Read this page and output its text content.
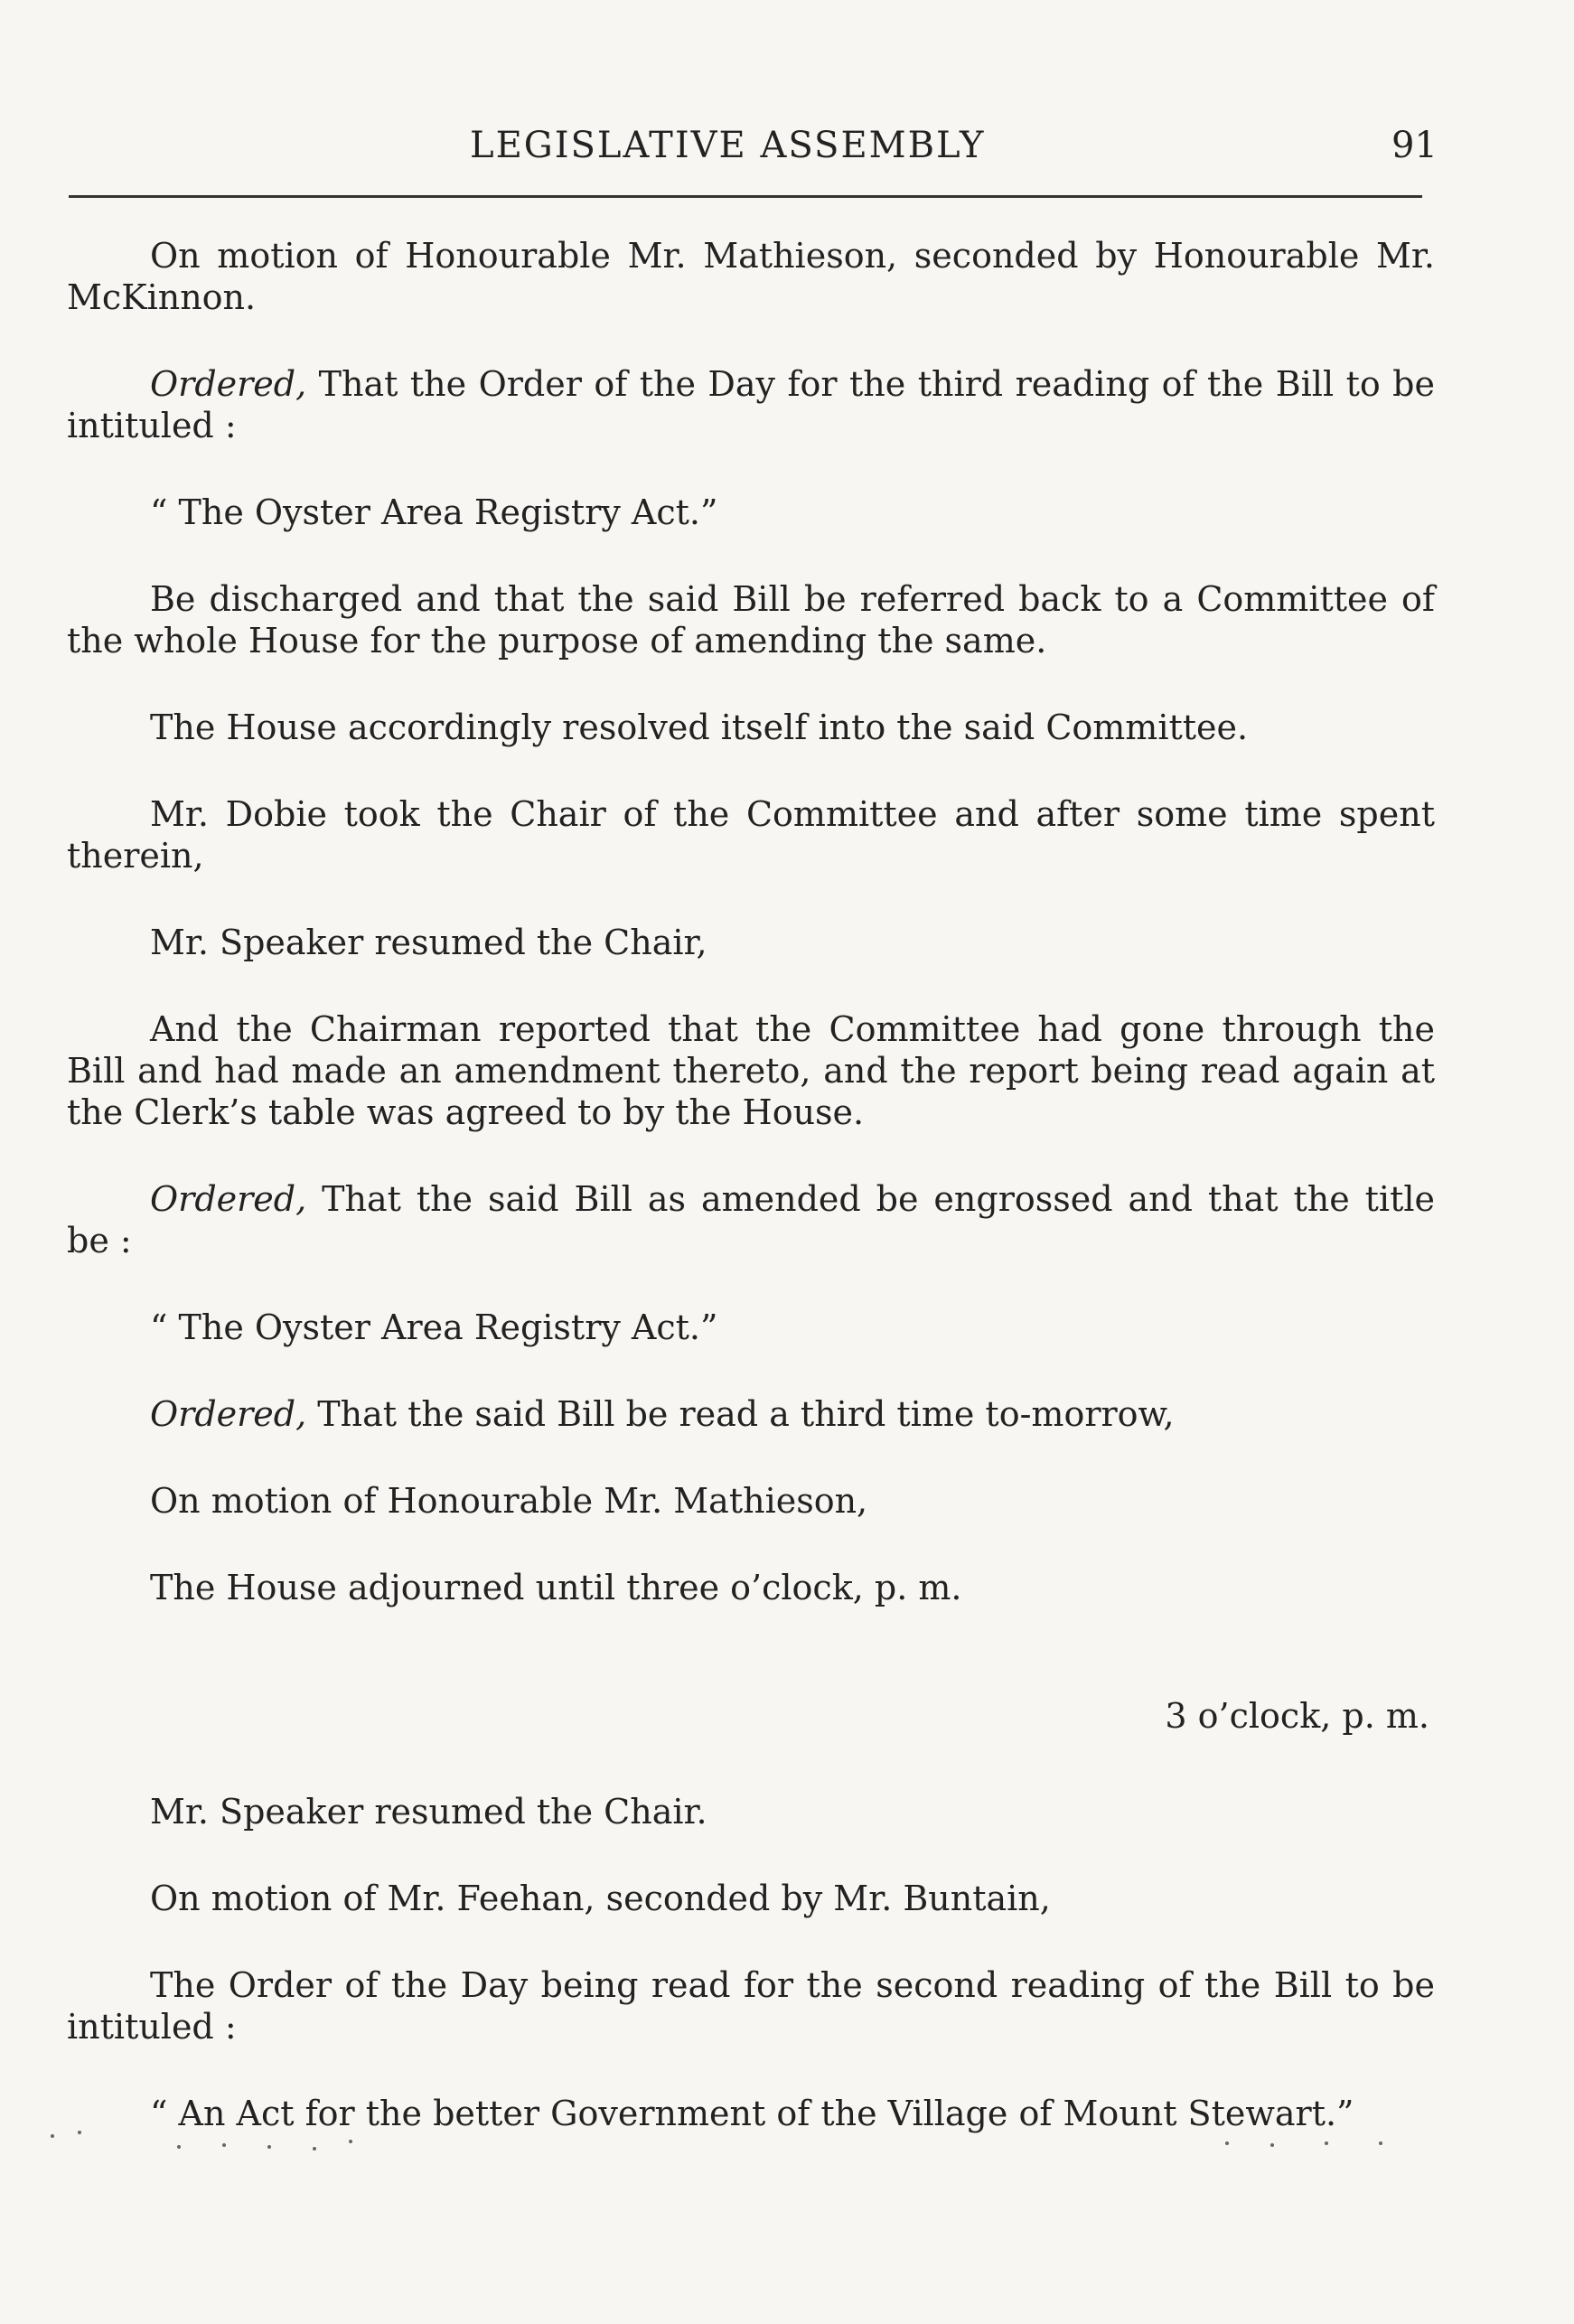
LEGISLATIVE ASSEMBLY	91

On motion of Honourable Mr. Mathieson, seconded by Honourable Mr. McKinnon.

Ordered, That the Order of the Day for the third reading of the Bill to be intituled :

“ The Oyster Area Registry Act.”

Be discharged and that the said Bill be referred back to a Committee of the whole House for the purpose of amending the same.

The House accordingly resolved itself into the said Committee.

Mr. Dobie took the Chair of the Committee and after some time spent therein,

Mr. Speaker resumed the Chair,

And the Chairman reported that the Committee had gone through the Bill and had made an amendment thereto, and the report being read again at the Clerk’s table was agreed to by the House.

Ordered, That the said Bill as amended be engrossed and that the title be :

“ The Oyster Area Registry Act.”

Ordered, That the said Bill be read a third time to-morrow,

On motion of Honourable Mr. Mathieson,

The House adjourned until three o’clock, p. m.

3 o’clock, p. m.

Mr. Speaker resumed the Chair.

On motion of Mr. Feehan, seconded by Mr. Buntain,

The Order of the Day being read for the second reading of the Bill to be intituled :

“ An Act for the better Government of the Village of Mount Stewart.”
